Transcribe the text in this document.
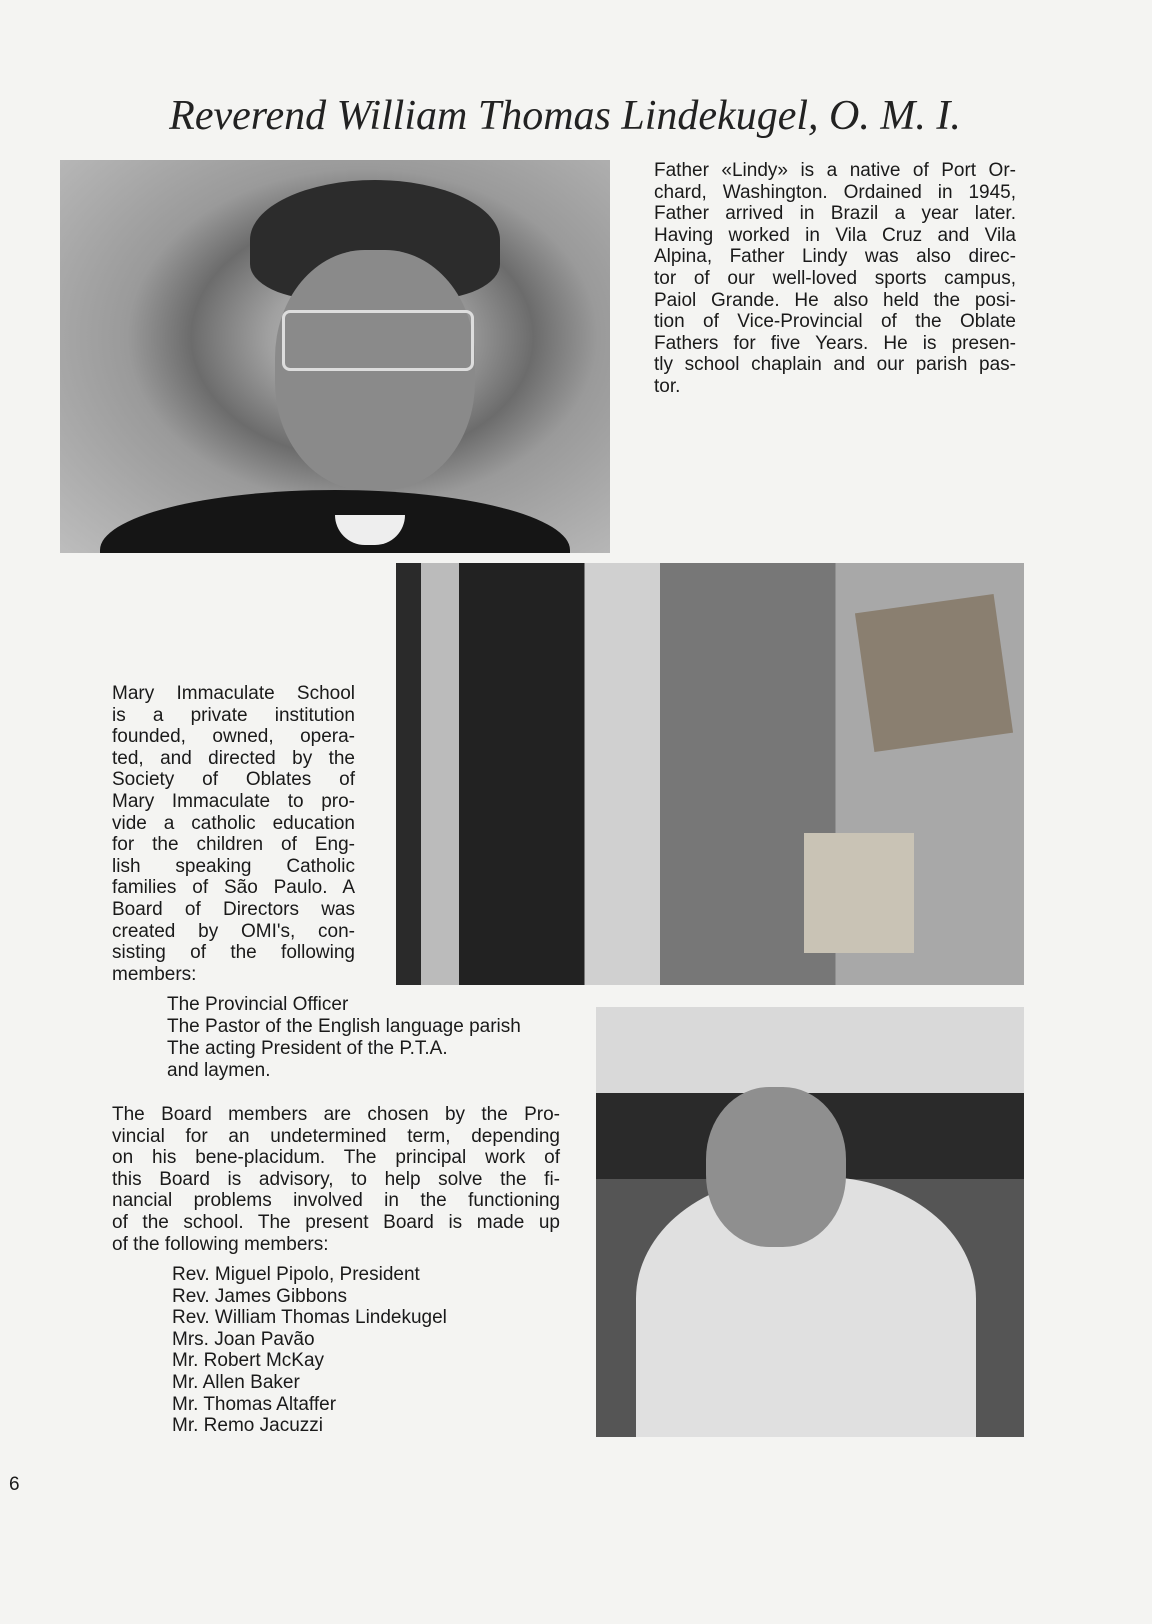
Reverend William Thomas Lindekugel, O. M. I.
Father «Lindy» is a native of Port Or-
chard, Washington. Ordained in 1945,
Father arrived in Brazil a year later.
Having worked in Vila Cruz and Vila
Alpina, Father Lindy was also direc-
tor of our well-loved sports campus,
Paiol Grande. He also held the posi-
tion of Vice-Provincial of the Oblate
Fathers for five Years. He is presen-
tly school chaplain and our parish pas-
tor.
Mary Immaculate School
is a private institution
founded, owned, opera-
ted, and directed by the
Society of Oblates of
Mary Immaculate to pro-
vide a catholic education
for the children of Eng-
lish speaking Catholic
families of São Paulo. A
Board of Directors was
created by OMI's, con-
sisting of the following
members:
The Provincial Officer
The Pastor of the English language parish
The acting President of the P.T.A.
and laymen.
The Board members are chosen by the Pro-
vincial for an undetermined term, depending
on his bene-placidum. The principal work of
this Board is advisory, to help solve the fi-
nancial problems involved in the functioning
of the school. The present Board is made up
of the following members:
Rev. Miguel Pipolo, President
Rev. James Gibbons
Rev. William Thomas Lindekugel
Mrs. Joan Pavão
Mr. Robert McKay
Mr. Allen Baker
Mr. Thomas Altaffer
Mr. Remo Jacuzzi
6
